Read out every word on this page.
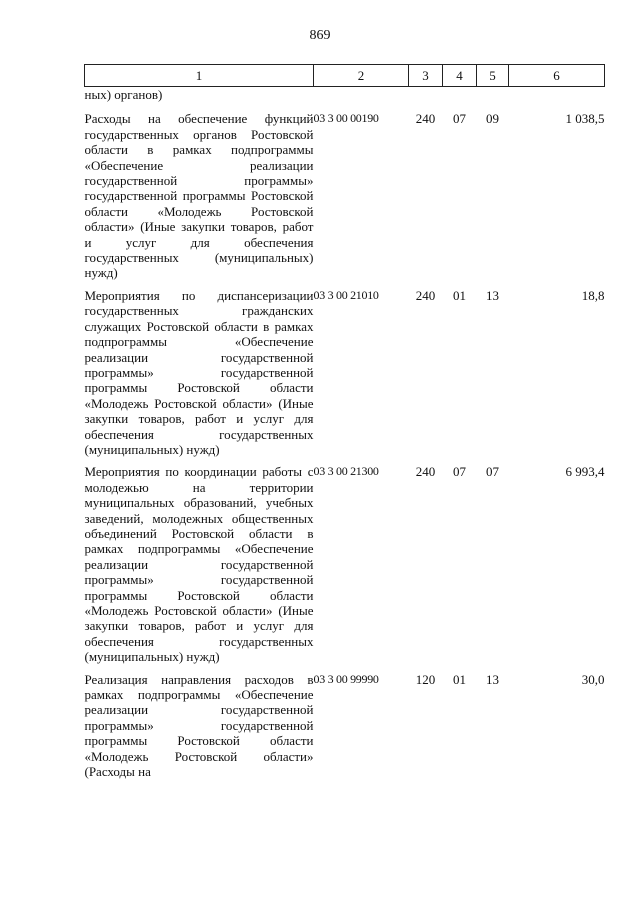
869
1	2	3	4	5	6
ных) органов)					
Расходы на обеспечение функций государственных органов Ростовской области в рамках подпрограммы «Обеспечение реализации государственной программы» государственной программы Ростовской области «Молодежь Ростовской области» (Иные закупки товаров, работ и услуг для обеспечения государственных (муниципальных) нужд)	03 3 00 00190	240	07	09	1 038,5
Мероприятия по диспансеризации государственных гражданских служащих Ростовской области в рамках подпрограммы «Обеспечение реализации государственной программы» государственной программы Ростовской области «Молодежь Ростовской области» (Иные закупки товаров, работ и услуг для обеспечения государственных (муниципальных) нужд)	03 3 00 21010	240	01	13	18,8
Мероприятия по координации работы с молодежью на территории муниципальных образований, учебных заведений, молодежных общественных объединений Ростовской области в рамках подпрограммы «Обеспечение реализации государственной программы» государственной программы Ростовской области «Молодежь Ростовской области» (Иные закупки товаров, работ и услуг для обеспечения государственных (муниципальных) нужд)	03 3 00 21300	240	07	07	6 993,4
Реализация направления расходов в рамках подпрограммы «Обеспечение реализации государственной программы» государственной программы Ростовской области «Молодежь Ростовской области» (Расходы на	03 3 00 99990	120	01	13	30,0
